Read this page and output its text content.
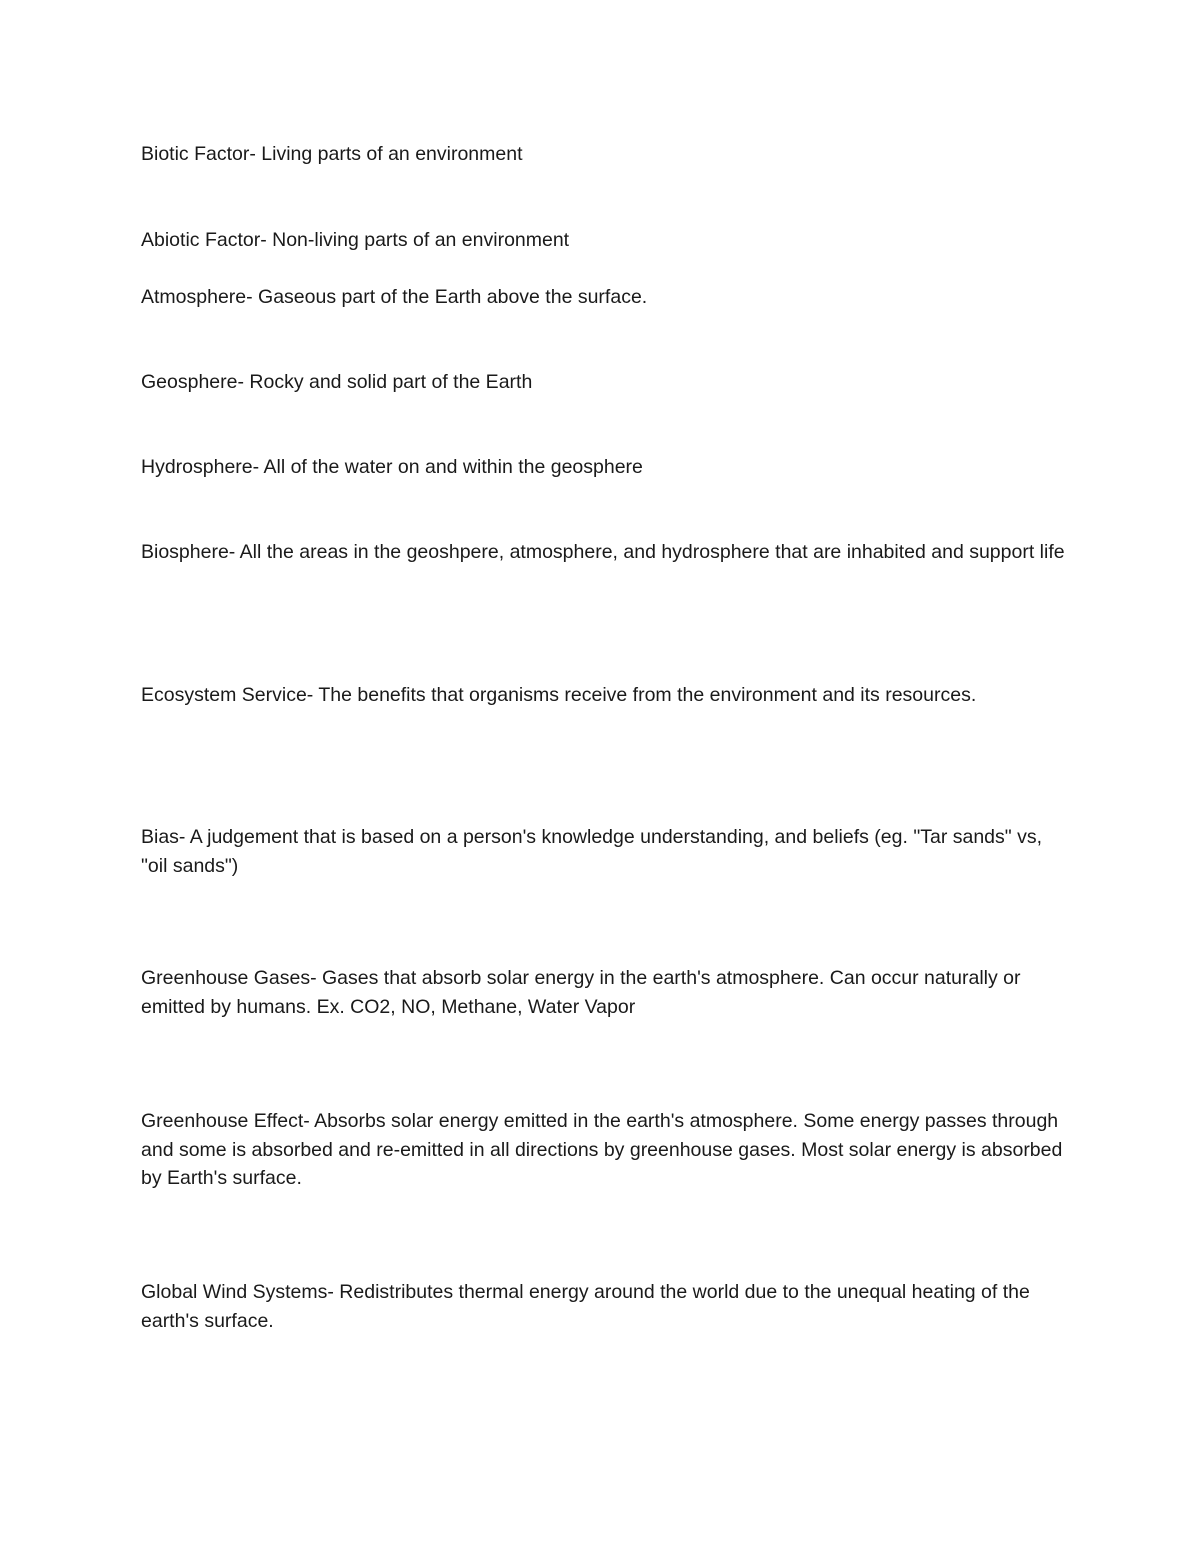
Biotic Factor- Living parts of an environment

Abiotic Factor- Non-living parts of an environment

Atmosphere- Gaseous part of the Earth above the surface.

Geosphere- Rocky and solid part of the Earth

Hydrosphere- All of the water on and within the geosphere

Biosphere- All the areas in the geoshpere, atmosphere, and hydrosphere that are inhabited and support life

Ecosystem Service- The benefits that organisms receive from the environment and its resources.

Bias- A judgement that is based on a person's knowledge understanding, and beliefs (eg. "Tar sands" vs, "oil sands")

Greenhouse Gases- Gases that absorb solar energy in the earth's atmosphere. Can occur naturally or emitted by humans. Ex. CO2, NO, Methane, Water Vapor

Greenhouse Effect- Absorbs solar energy emitted in the earth's atmosphere. Some energy passes through and some is absorbed and re-emitted in all directions by greenhouse gases. Most solar energy is absorbed by Earth's surface.

Global Wind Systems- Redistributes thermal energy around the world due to the unequal heating of the earth's surface.
